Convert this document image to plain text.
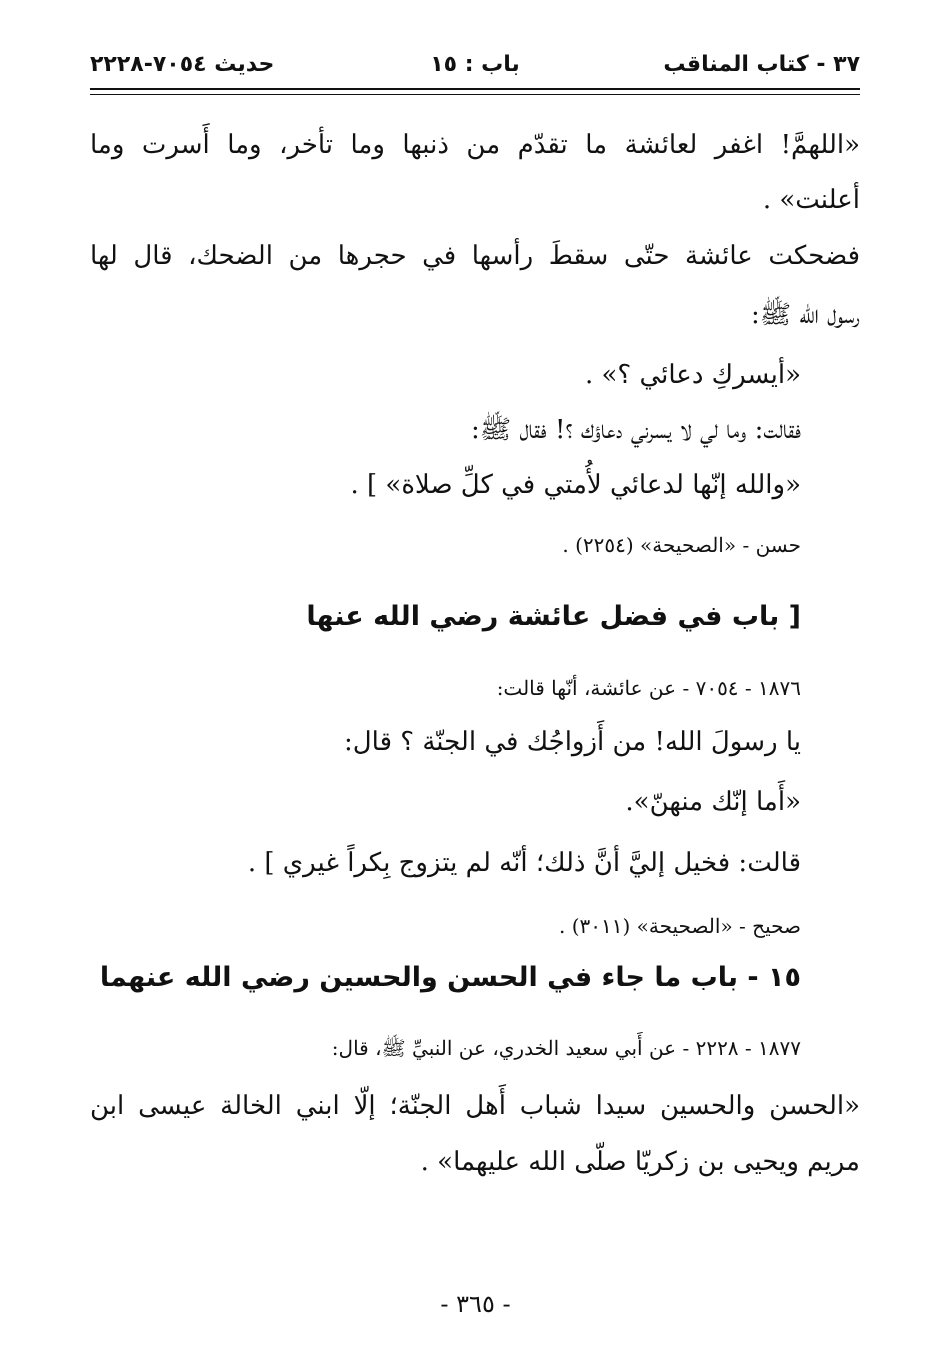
٣٧ - كتاب المناقب
باب : ١٥
حديث ٧٠٥٤-٢٢٢٨
«اللهمَّ! اغفر لعائشة ما تقدّم من ذنبها وما تأخر، وما أَسرت وما
أعلنت» .
فضحكت عائشة حتّى سقطَ رأسها في حجرها من الضحك، قال لها
رسول الله ﷺ:
«أيسركِ دعائي ؟» .
فقالت: وما لي لا يسرني دعاؤك ؟! فقال ﷺ:
«والله إنّها لدعائي لأُمتي في كلِّ صلاة» ] .
حسن - «الصحيحة» (٢٢٥٤) .
[ باب في فضل عائشة رضي الله عنها
١٨٧٦ - ٧٠٥٤ - عن عائشة، أنّها قالت:
يا رسولَ الله! من أَزواجُك في الجنّة ؟ قال:
«أَما إنّك منهنّ».
قالت: فخيل إليَّ أنَّ ذلك؛ أنّه لم يتزوج بِكراً غيري ] .
صحيح - «الصحيحة» (٣٠١١) .
١٥ - باب ما جاء في الحسن والحسين رضي الله عنهما
١٨٧٧ - ٢٢٢٨ - عن أَبي سعيد الخدري، عن النبيِّ ﷺ، قال:
«الحسن والحسين سيدا شباب أَهل الجنّة؛ إلّا ابني الخالة عيسى ابن
مريم ويحيى بن زكريّا صلّى الله عليهما» .
- ٣٦٥ -
